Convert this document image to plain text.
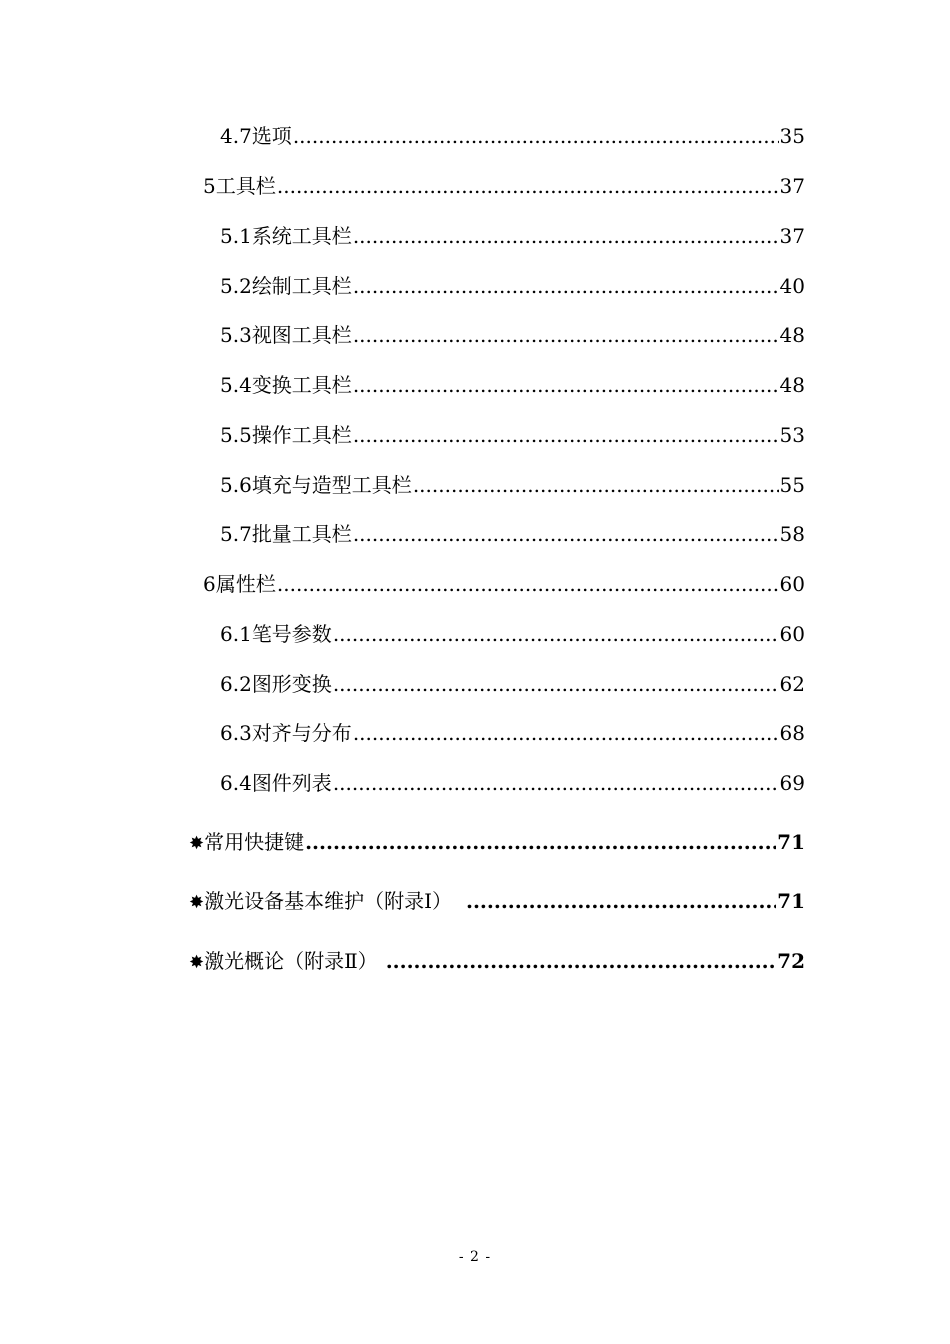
4.7 选项 .....	35
5 工具栏 .....	37
5.1 系统工具栏 .....	37
5.2 绘制工具栏 .....	40
5.3 视图工具栏 .....	48
5.4 变换工具栏 .....	48
5.5 操作工具栏 .....	53
5.6 填充与造型工具栏 .....	55
5.7 批量工具栏 .....	58
6 属性栏 .....	60
6.1 笔号参数 .....	60
6.2 图形变换 .....	62
6.3 对齐与分布 .....	68
6.4 图件列表 .....	69
✸ 常用快捷键 .....	71
✸ 激光设备基本维护（附录Ⅰ） .....	71
✸ 激光概论（附录Ⅱ） .....	72
- 2 -
